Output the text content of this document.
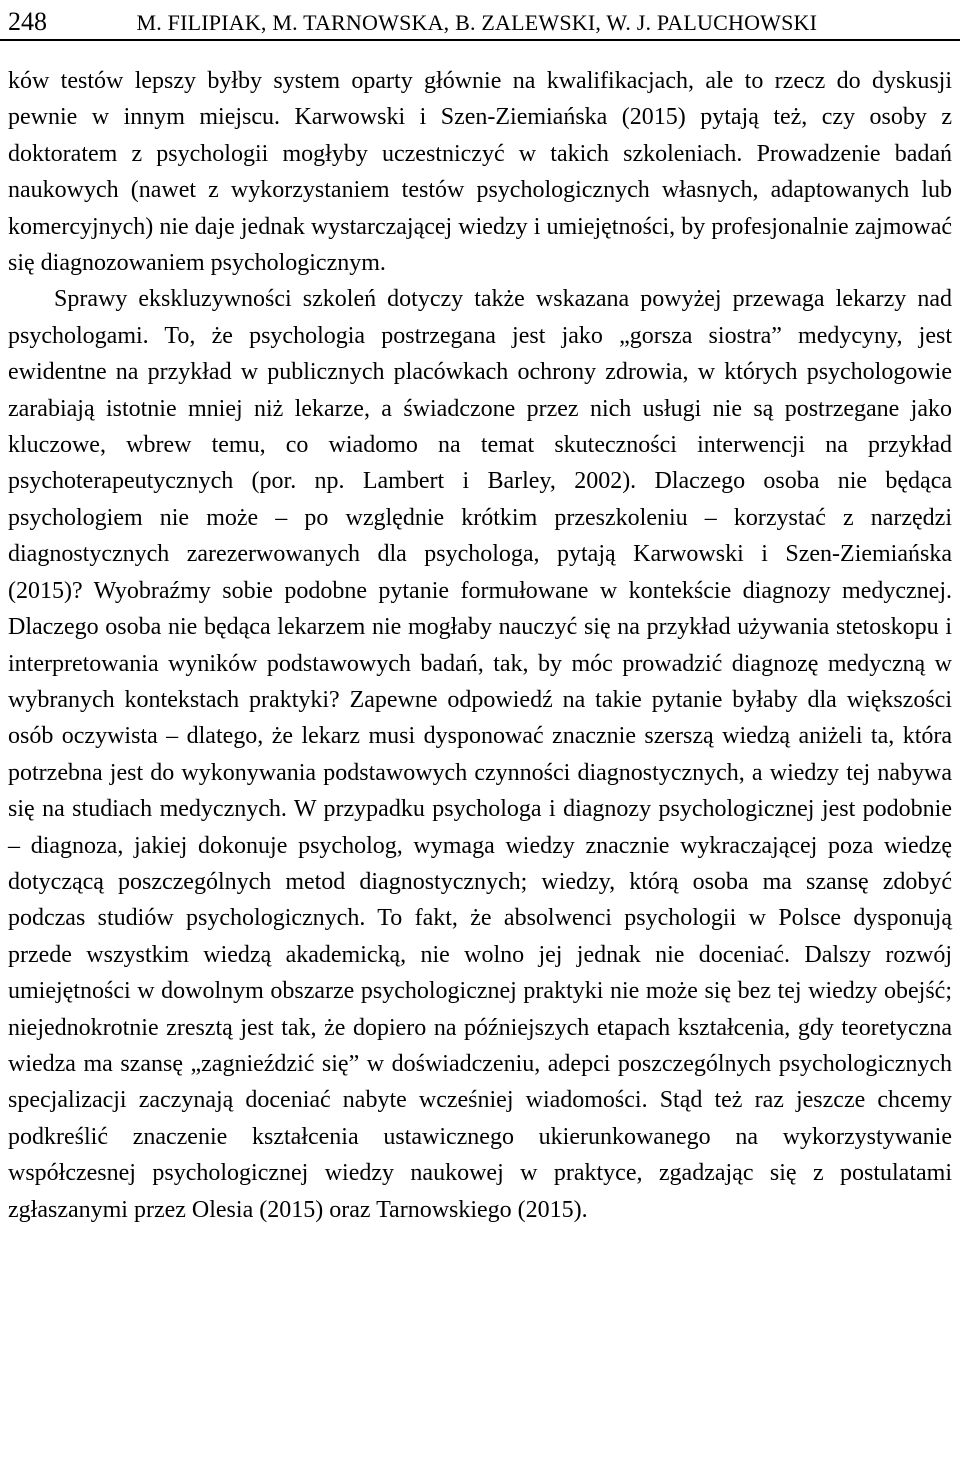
248	M. FILIPIAK, M. TARNOWSKA, B. ZALEWSKI, W. J. PALUCHOWSKI

ków testów lepszy byłby system oparty głównie na kwalifikacjach, ale to rzecz do dyskusji pewnie w innym miejscu. Karwowski i Szen-Ziemiańska (2015) pytają też, czy osoby z doktoratem z psychologii mogłyby uczestniczyć w takich szkoleniach. Prowadzenie badań naukowych (nawet z wykorzystaniem testów psychologicznych własnych, adaptowanych lub komercyjnych) nie daje jednak wystarczającej wiedzy i umiejętności, by profesjonalnie zajmować się diagnozowaniem psychologicznym.

Sprawy ekskluzywności szkoleń dotyczy także wskazana powyżej przewaga lekarzy nad psychologami. To, że psychologia postrzegana jest jako „gorsza siostra” medycyny, jest ewidentne na przykład w publicznych placówkach ochrony zdrowia, w których psychologowie zarabiają istotnie mniej niż lekarze, a świadczone przez nich usługi nie są postrzegane jako kluczowe, wbrew temu, co wiadomo na temat skuteczności interwencji na przykład psychoterapeutycznych (por. np. Lambert i Barley, 2002). Dlaczego osoba nie będąca psychologiem nie może – po względnie krótkim przeszkoleniu – korzystać z narzędzi diagnostycznych zarezerwowanych dla psychologa, pytają Karwowski i Szen-Ziemiańska (2015)? Wyobraźmy sobie podobne pytanie formułowane w kontekście diagnozy medycznej. Dlaczego osoba nie będąca lekarzem nie mogłaby nauczyć się na przykład używania stetoskopu i interpretowania wyników podstawowych badań, tak, by móc prowadzić diagnozę medyczną w wybranych kontekstach praktyki? Zapewne odpowiedź na takie pytanie byłaby dla większości osób oczywista – dlatego, że lekarz musi dysponować znacznie szerszą wiedzą aniżeli ta, która potrzebna jest do wykonywania podstawowych czynności diagnostycznych, a wiedzy tej nabywa się na studiach medycznych. W przypadku psychologa i diagnozy psychologicznej jest podobnie – diagnoza, jakiej dokonuje psycholog, wymaga wiedzy znacznie wykraczającej poza wiedzę dotyczącą poszczególnych metod diagnostycznych; wiedzy, którą osoba ma szansę zdobyć podczas studiów psychologicznych. To fakt, że absolwenci psychologii w Polsce dysponują przede wszystkim wiedzą akademicką, nie wolno jej jednak nie doceniać. Dalszy rozwój umiejętności w dowolnym obszarze psychologicznej praktyki nie może się bez tej wiedzy obejść; niejednokrotnie zresztą jest tak, że dopiero na późniejszych etapach kształcenia, gdy teoretyczna wiedza ma szansę „zagnieździć się” w doświadczeniu, adepci poszczególnych psychologicznych specjalizacji zaczynają doceniać nabyte wcześniej wiadomości. Stąd też raz jeszcze chcemy podkreślić znaczenie kształcenia ustawicznego ukierunkowanego na wykorzystywanie współczesnej psychologicznej wiedzy naukowej w praktyce, zgadzając się z postulatami zgłaszanymi przez Olesia (2015) oraz Tarnowskiego (2015).
